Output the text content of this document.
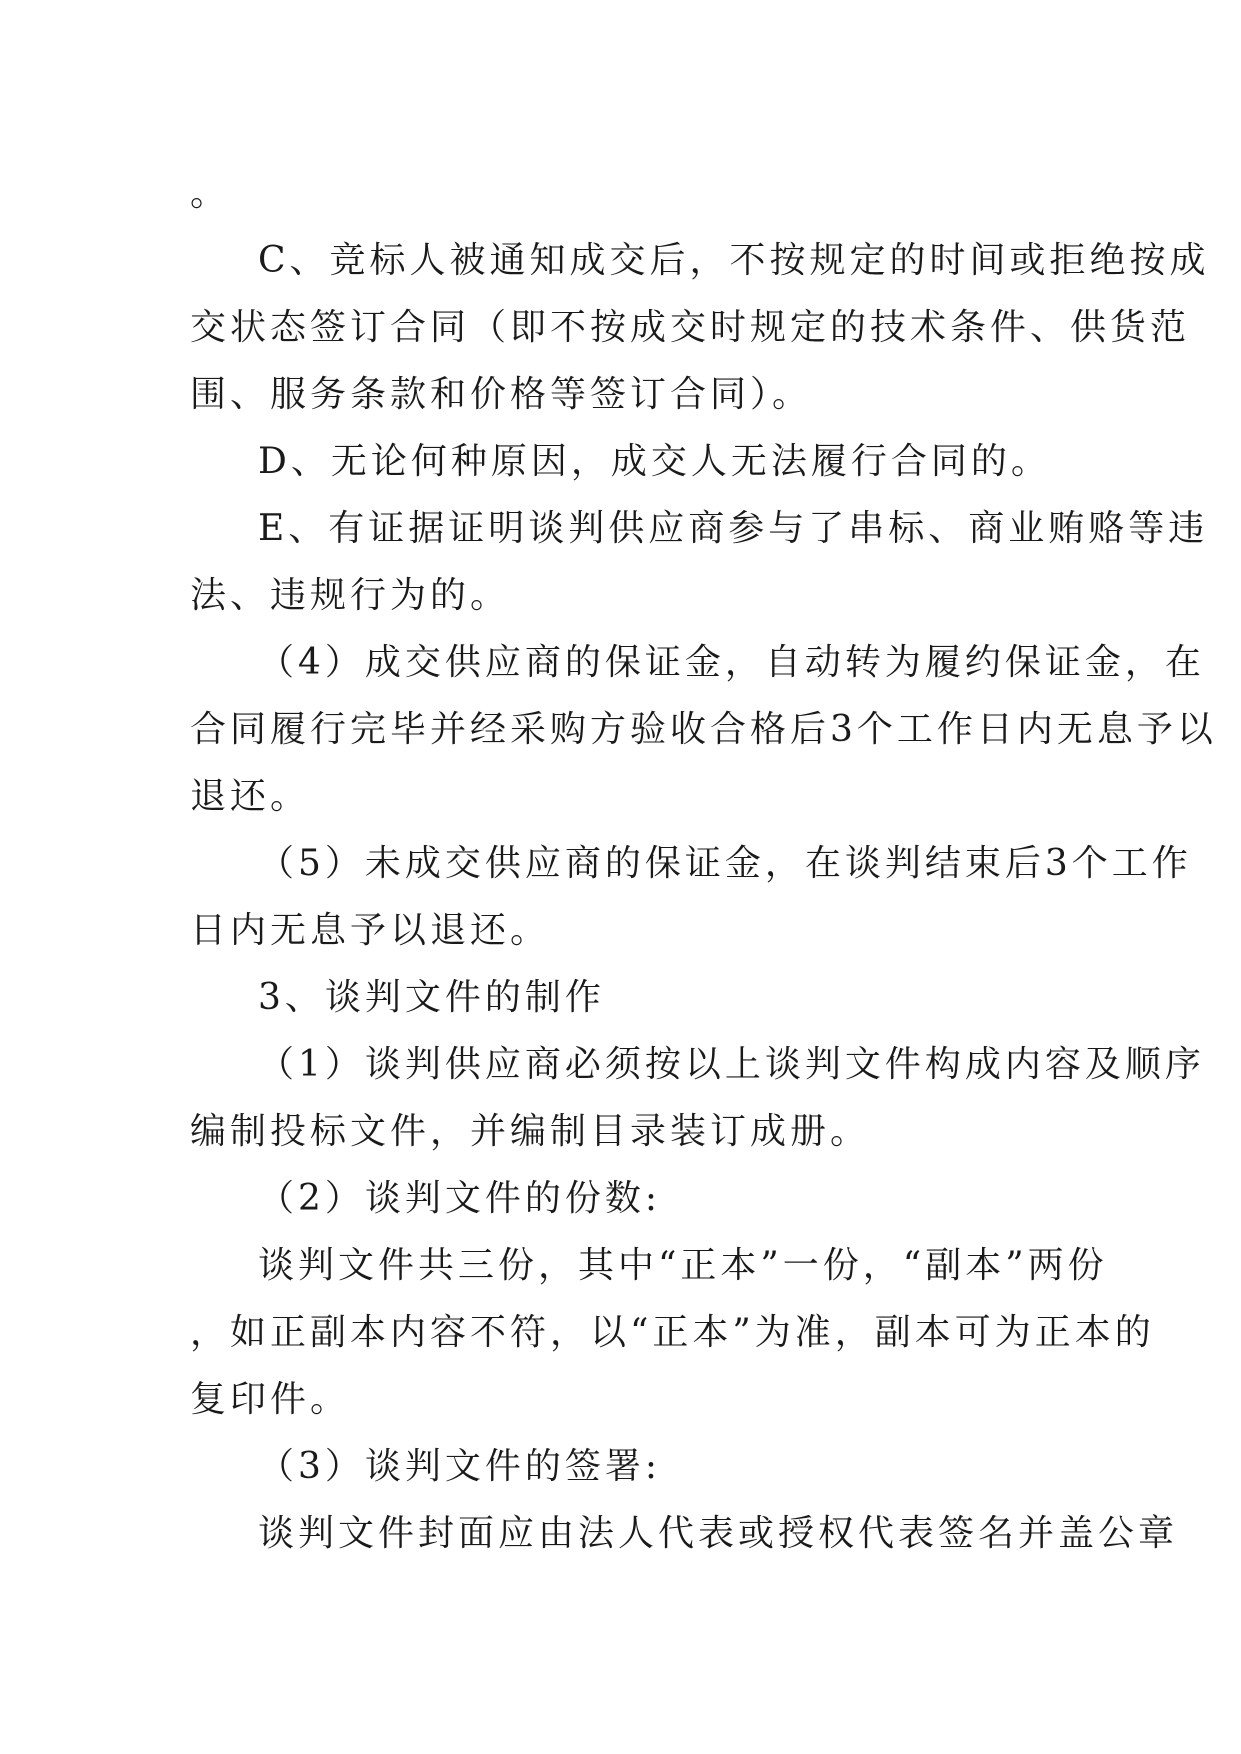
。
C、竞标人被通知成交后，不按规定的时间或拒绝按成
交状态签订合同（即不按成交时规定的技术条件、供货范
围、服务条款和价格等签订合同）。
D、无论何种原因，成交人无法履行合同的。
E、有证据证明谈判供应商参与了串标、商业贿赂等违
法、违规行为的。
（4）成交供应商的保证金，自动转为履约保证金，在
合同履行完毕并经采购方验收合格后3个工作日内无息予以
退还。
（5）未成交供应商的保证金，在谈判结束后3个工作
日内无息予以退还。
3、谈判文件的制作
（1）谈判供应商必须按以上谈判文件构成内容及顺序
编制投标文件，并编制目录装订成册。
（2）谈判文件的份数:
谈判文件共三份，其中“正本”一份，“副本”两份
，如正副本内容不符，以“正本”为准，副本可为正本的
复印件。
（3）谈判文件的签署:
谈判文件封面应由法人代表或授权代表签名并盖公章
